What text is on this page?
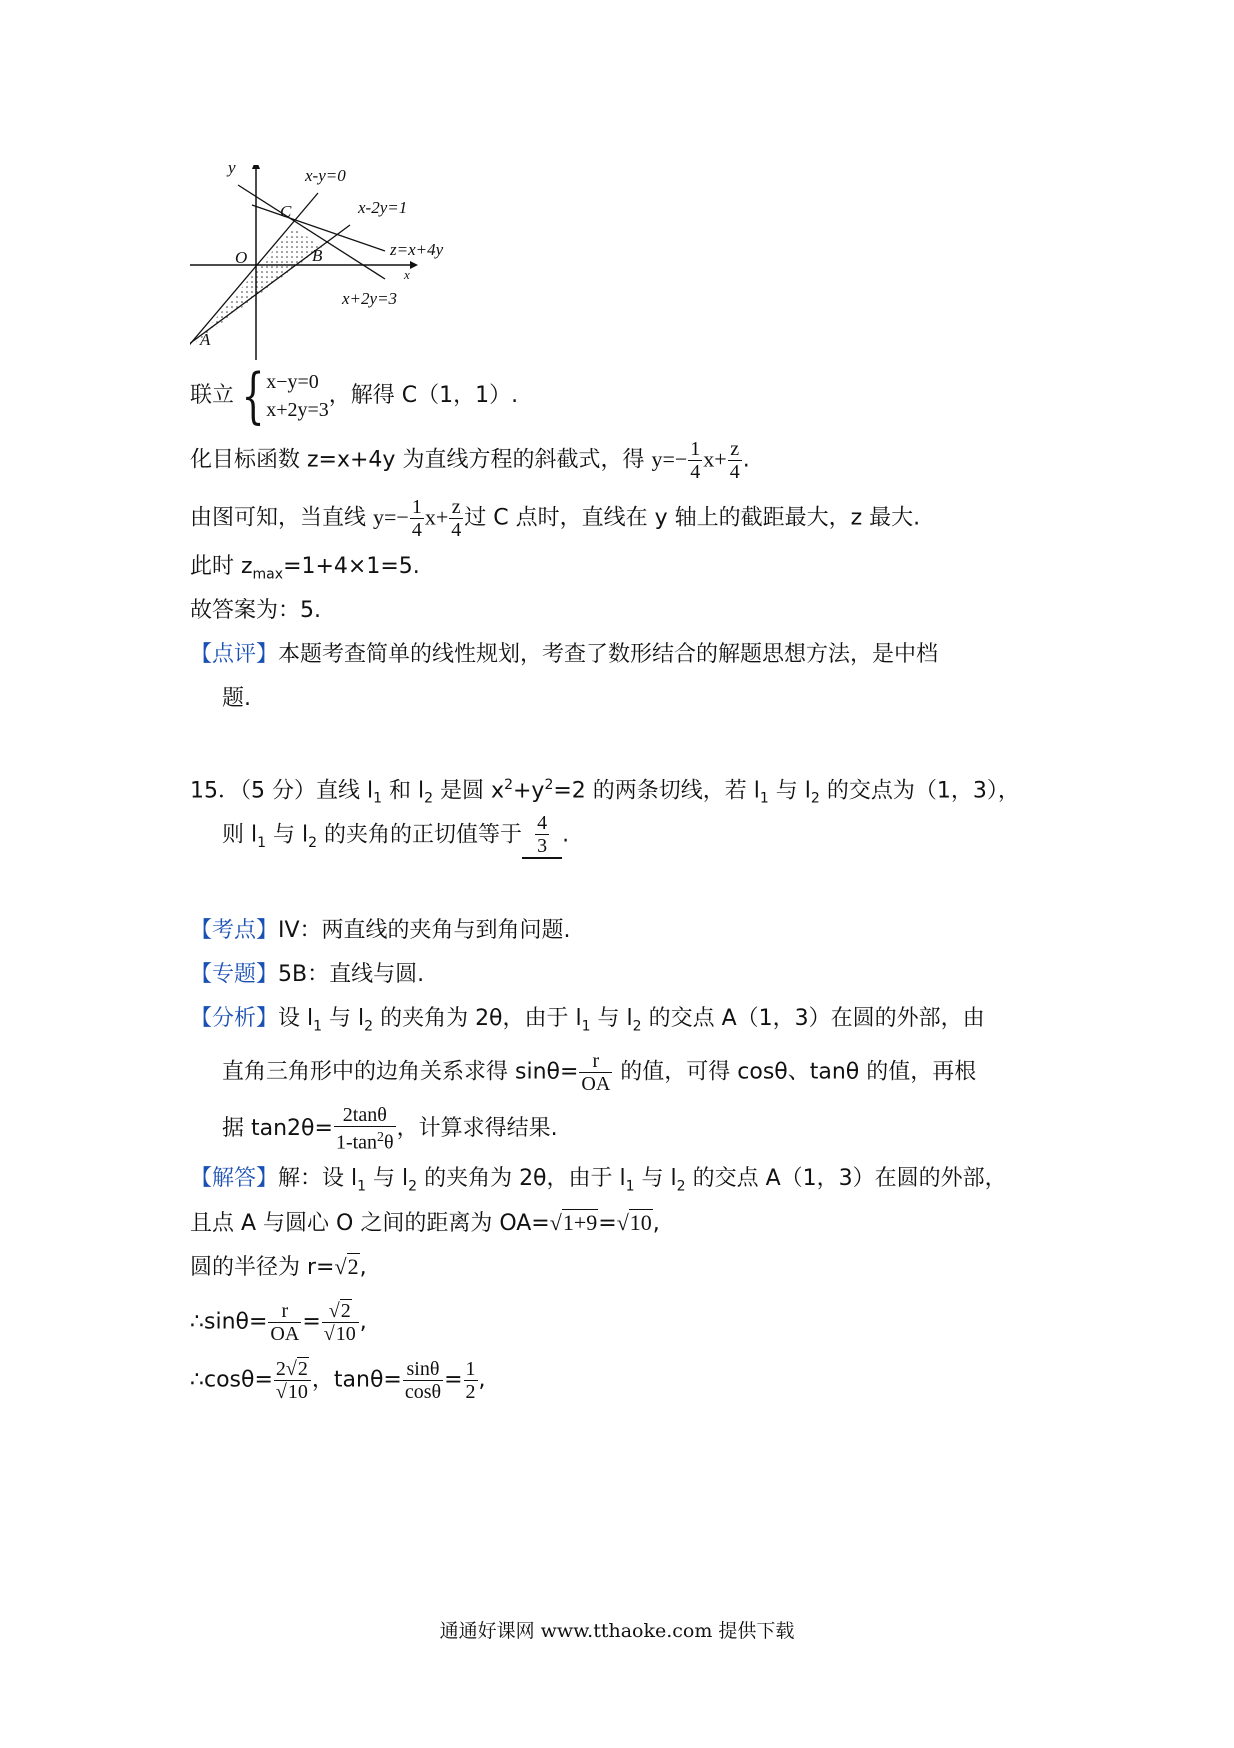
y
x
O
x-y=0
x-2y=1
z=x+4y
x+2y=3
A
B
C
联立 { x−y=0
x+2y=3
，解得 C（1，1）.
化目标函数 z=x+4y 为直线方程的斜截式，得 $y=- \frac{1}{4} x+ \frac{z}{4}$ .
由图可知，当直线 $y=- \frac{1}{4} x+ \frac{z}{4}$ 过 C 点时，直线在 y 轴上的截距最大，z 最大.
此时 $z_{max}=1+4\times 1=5$.
故答案为：5.
【点评】本题考查简单的线性规划，考查了数形结合的解题思想方法，是中档
题.
15．（5 分）直线 $l_1$ 和 $l_2$ 是圆 $x^2+y^2=2$ 的两条切线，若 $l_1$ 与 $l_2$ 的交点为（1，3），
则 $l_1$ 与 $l_2$ 的夹角的正切值等于 $\frac{4}{3}$ .
【考点】IV：两直线的夹角与到角问题.
【专题】5B：直线与圆.
【分析】设 $l_1$ 与 $l_2$ 的夹角为 2θ，由于 $l_1$ 与 $l_2$ 的交点 A（1，3）在圆的外部，由
直角三角形中的边角关系求得 $\sin\theta= \frac{r}{OA}$ 的值，可得 cosθ、tanθ 的值，再根
据 $\tan 2\theta= \frac{2\tan\theta}{1-\tan^2\theta}$ ，计算求得结果.
【解答】解：设 $l_1$ 与 $l_2$ 的夹角为 2θ，由于 $l_1$ 与 $l_2$ 的交点 A（1，3）在圆的外部，
且点 A 与圆心 O 之间的距离为 OA=√1+9=√10,
圆的半径为 r=√2,
∴sinθ= $\frac{r}{OA} = \frac{√2}{√10}$ ,
∴cosθ= $\frac{2√2}{√10}$ ，$\tan\theta= \frac{\sin\theta}{\cos\theta} = \frac{1}{2}$ ,
通通好课网 www.tthaoke.com 提供下载
